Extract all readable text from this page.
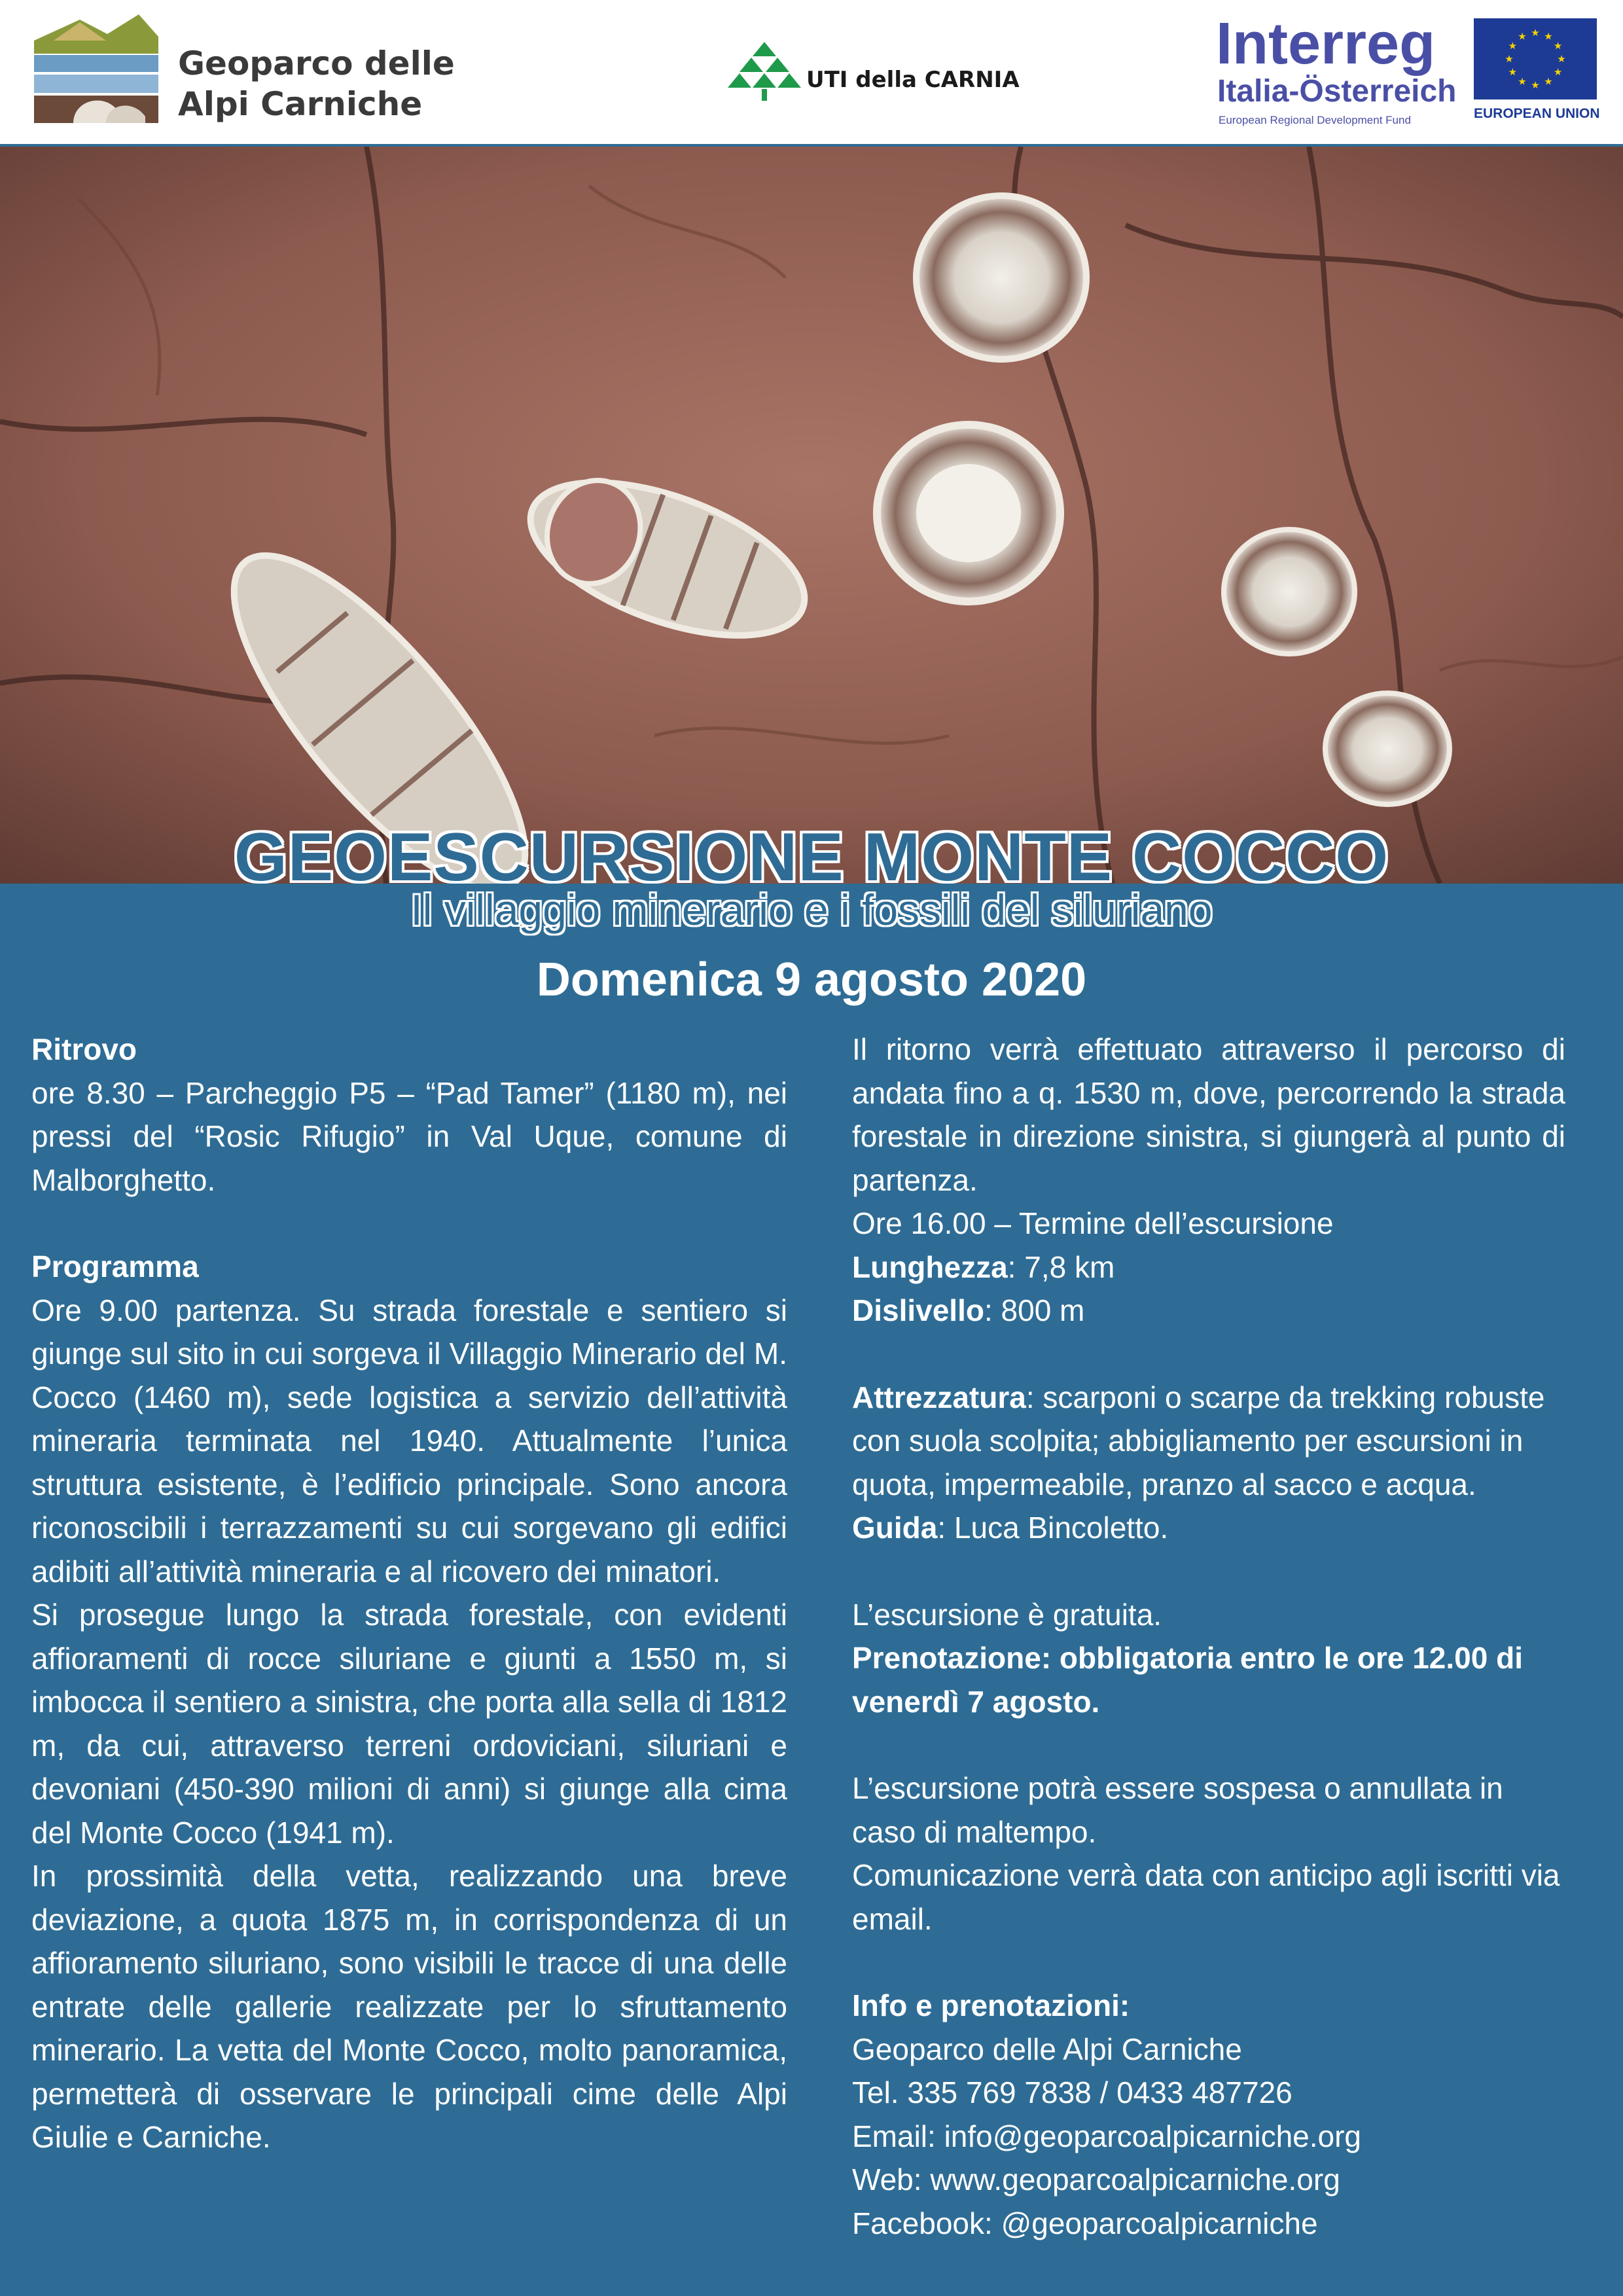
Geoparco delle
Alpi Carniche
UTI della CARNIA
Interreg
Italia-Österreich
European Regional Development Fund
★ ★
★
★
★
★
★
★
★
★
★
★
EUROPEAN UNION
GEOESCURSIONE MONTE COCCO
Il villaggio minerario e i fossili del siluriano
Domenica 9 agosto 2020

Ritrovo

ore 8.30 – Parcheggio P5 – “Pad Tamer” (1180 m), nei pressi del “Rosic Rifugio” in Val Uque, comune di Malborghetto.

Programma

Ore 9.00 partenza. Su strada forestale e sentiero si giunge sul sito in cui sorgeva il Villaggio Minerario del M. Cocco (1460 m), sede logistica a servizio dell’attività mineraria terminata nel 1940. Attualmente l’unica struttura esistente, è l’edificio principale. Sono ancora riconoscibili i terrazzamenti su cui sorgevano gli edifici adibiti all’attività mineraria e al ricovero dei minatori.

Si prosegue lungo la strada forestale, con evidenti affioramenti di rocce siluriane e giunti a 1550 m, si imbocca il sentiero a sinistra, che porta alla sella di 1812 m, da cui, attraverso terreni ordoviciani, siluriani e devoniani (450-390 milioni di anni) si giunge alla cima del Monte Cocco (1941 m).

In prossimità della vetta, realizzando una breve deviazione, a quota 1875 m, in corrispondenza di un affioramento siluriano, sono visibili le tracce di una delle entrate delle gallerie realizzate per lo sfruttamento minerario. La vetta del Monte Cocco, molto panoramica, permetterà di osservare le principali cime delle Alpi Giulie e Carniche.

Il ritorno verrà effettuato attraverso il percorso di andata fino a q. 1530 m, dove, percorrendo la strada forestale in direzione sinistra, si giungerà al punto di partenza.

Ore 16.00 – Termine dell’escursione

Lunghezza: 7,8 km

Dislivello: 800 m

Attrezzatura: scarponi o scarpe da trekking robuste con suola scolpita; abbigliamento per escursioni in quota, impermeabile, pranzo al sacco e acqua.

Guida: Luca Bincoletto.

L’escursione è gratuita.

Prenotazione: obbligatoria entro le ore 12.00 di venerdì 7 agosto.

L’escursione potrà essere sospesa o annullata in caso di maltempo.

Comunicazione verrà data con anticipo agli iscritti via email.

Info e prenotazioni:

Geoparco delle Alpi Carniche

Tel. 335 769 7838 / 0433 487726

Email: info@geoparcoalpicarniche.org

Web: www.geoparcoalpicarniche.org

Facebook: @geoparcoalpicarniche
